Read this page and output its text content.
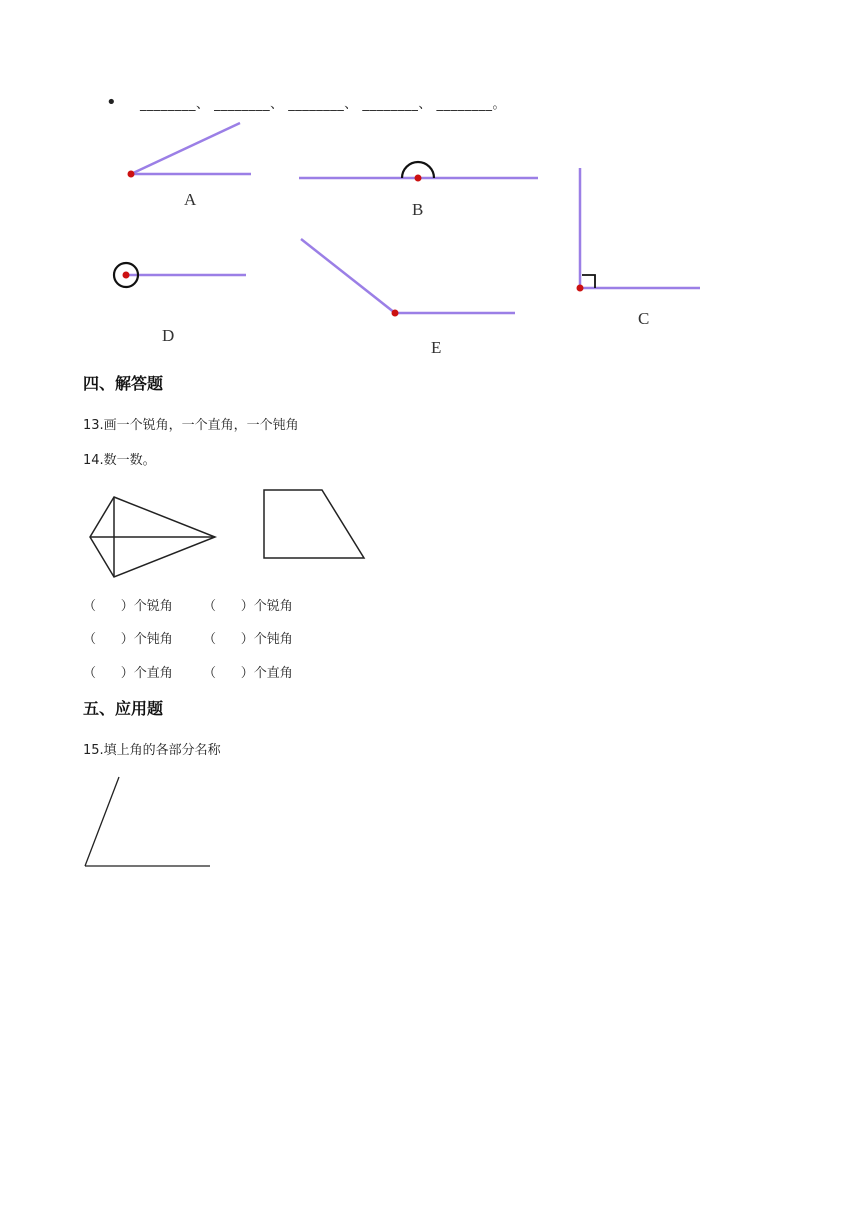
• ________、 ________、 ________、 ________、 ________。
A
B
C
D
E
四、解答题
13.画一个锐角，一个直角，一个钝角
14.数一数。
（      ）个锐角 （      ）个锐角
（      ）个钝角 （      ）个钝角
（      ）个直角 （      ）个直角
五、应用题
15.填上角的各部分名称
